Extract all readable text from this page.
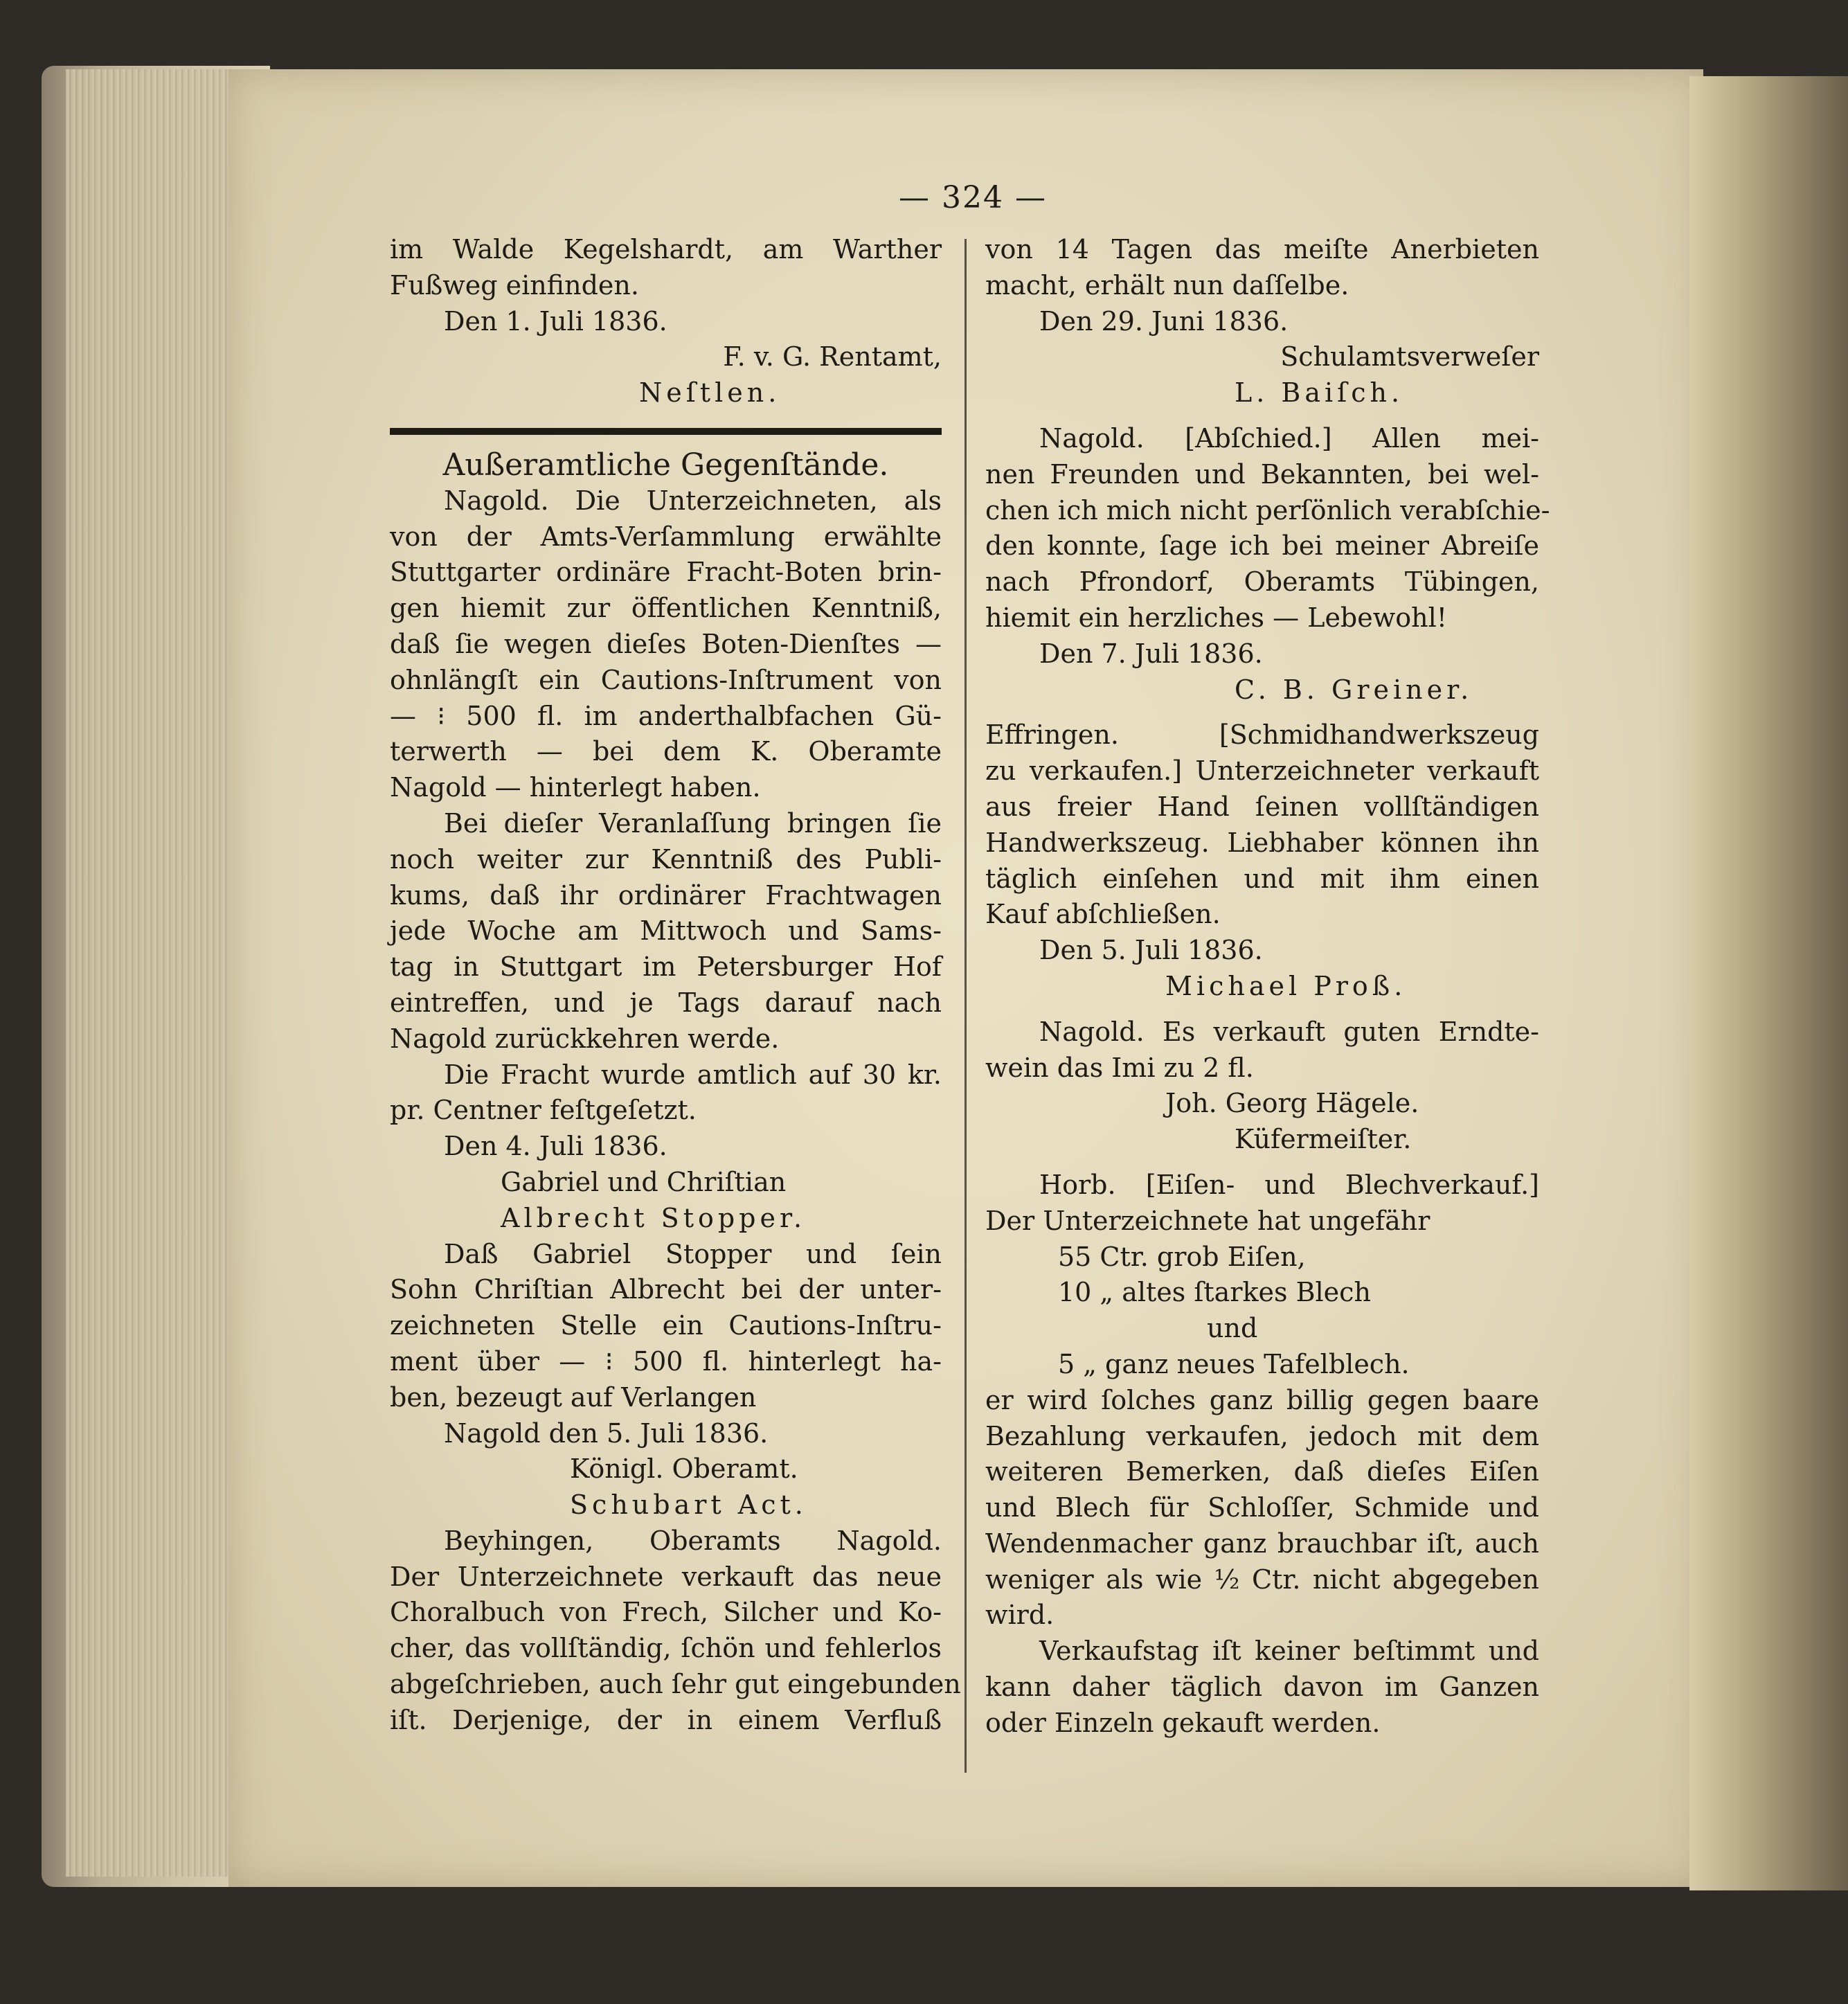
— 324 —
im Walde Kegelshardt, am Warther
Fußweg einfinden.
Den 1. Juli 1836.
F. v. G. Rentamt,
Neſtlen.
Außeramtliche Gegenſtände.
Nagold. Die Unterzeichneten, als
von der Amts-Verſammlung erwählte
Stuttgarter ordinäre Fracht-Boten brin-
gen hiemit zur öffentlichen Kenntniß,
daß ſie wegen dieſes Boten-Dienſtes —
ohnlängſt ein Cautions-Inſtrument von
— ⁝ 500 fl. im anderthalbfachen Gü-
terwerth — bei dem K. Oberamte
Nagold — hinterlegt haben.
Bei dieſer Veranlaſſung bringen ſie
noch weiter zur Kenntniß des Publi-
kums, daß ihr ordinärer Frachtwagen
jede Woche am Mittwoch und Sams-
tag in Stuttgart im Petersburger Hof
eintreffen, und je Tags darauf nach
Nagold zurückkehren werde.
Die Fracht wurde amtlich auf 30 kr.
pr. Centner feſtgeſetzt.
Den 4. Juli 1836.
Gabriel und Chriſtian
Albrecht Stopper.
Daß Gabriel Stopper und ſein
Sohn Chriſtian Albrecht bei der unter-
zeichneten Stelle ein Cautions-Inſtru-
ment über — ⁝ 500 fl. hinterlegt ha-
ben, bezeugt auf Verlangen
Nagold den 5. Juli 1836.
Königl. Oberamt.
Schubart Act.
Beyhingen, Oberamts Nagold.
Der Unterzeichnete verkauft das neue
Choralbuch von Frech, Silcher und Ko-
cher, das vollſtändig, ſchön und fehlerlos
abgeſchrieben, auch ſehr gut eingebunden
iſt. Derjenige, der in einem Verfluß
von 14 Tagen das meiſte Anerbieten
macht, erhält nun daſſelbe.
Den 29. Juni 1836.
Schulamtsverweſer
L. Baiſch.
Nagold. [Abſchied.] Allen mei-
nen Freunden und Bekannten, bei wel-
chen ich mich nicht perſönlich verabſchie-
den konnte, ſage ich bei meiner Abreiſe
nach Pfrondorf, Oberamts Tübingen,
hiemit ein herzliches — Lebewohl!
Den 7. Juli 1836.
C. B. Greiner.
Effringen. [Schmidhandwerkszeug
zu verkaufen.] Unterzeichneter verkauft
aus freier Hand ſeinen vollſtändigen
Handwerkszeug. Liebhaber können ihn
täglich einſehen und mit ihm einen
Kauf abſchließen.
Den 5. Juli 1836.
Michael Proß.
Nagold. Es verkauft guten Erndte-
wein das Imi zu 2 fl.
Joh. Georg Hägele.
Küfermeiſter.
Horb. [Eiſen- und Blechverkauf.]
Der Unterzeichnete hat ungefähr
55 Ctr. grob Eiſen,
10 „ altes ſtarkes Blech
und
5 „ ganz neues Tafelblech.
er wird ſolches ganz billig gegen baare
Bezahlung verkaufen, jedoch mit dem
weiteren Bemerken, daß dieſes Eiſen
und Blech für Schloſſer, Schmide und
Wendenmacher ganz brauchbar iſt, auch
weniger als wie ½ Ctr. nicht abgegeben
wird.
Verkaufstag iſt keiner beſtimmt und
kann daher täglich davon im Ganzen
oder Einzeln gekauft werden.
